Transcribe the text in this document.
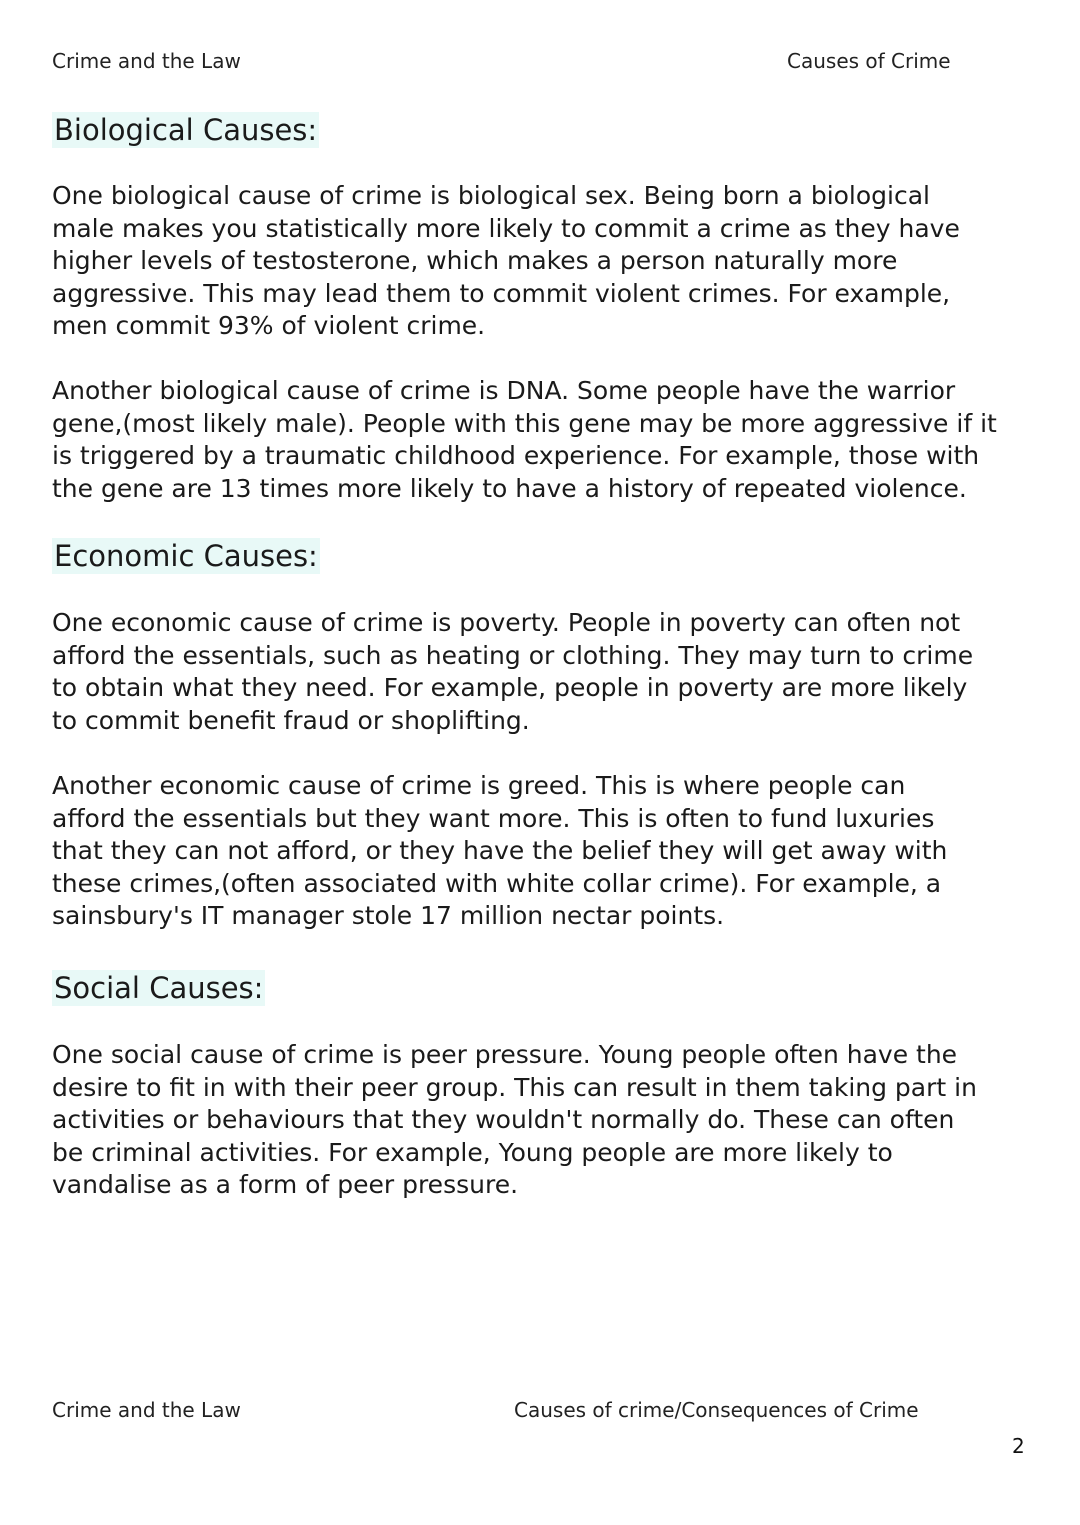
Crime and the Law	Causes of Crime
Biological Causes:
One biological cause of crime is biological sex. Being born a biological
male makes you statistically more likely to commit a crime as they have
higher levels of testosterone, which makes a person naturally more
aggressive. This may lead them to commit violent crimes. For example,
men commit 93% of violent crime.
Another biological cause of crime is DNA. Some people have the warrior
gene,(most likely male). People with this gene may be more aggressive if it
is triggered by a traumatic childhood experience. For example, those with
the gene are 13 times more likely to have a history of repeated violence.
Economic Causes:
One economic cause of crime is poverty. People in poverty can often not
afford the essentials, such as heating or clothing. They may turn to crime
to obtain what they need. For example, people in poverty are more likely
to commit benefit fraud or shoplifting.
Another economic cause of crime is greed. This is where people can
afford the essentials but they want more. This is often to fund luxuries
that they can not afford, or they have the belief they will get away with
these crimes,(often associated with white collar crime). For example, a
sainsbury's IT manager stole 17 million nectar points.
Social Causes:
One social cause of crime is peer pressure. Young people often have the
desire to fit in with their peer group. This can result in them taking part in
activities or behaviours that they wouldn't normally do. These can often
be criminal activities. For example, Young people are more likely to
vandalise as a form of peer pressure.
Crime and the Law	Causes of crime/Consequences of Crime
2
